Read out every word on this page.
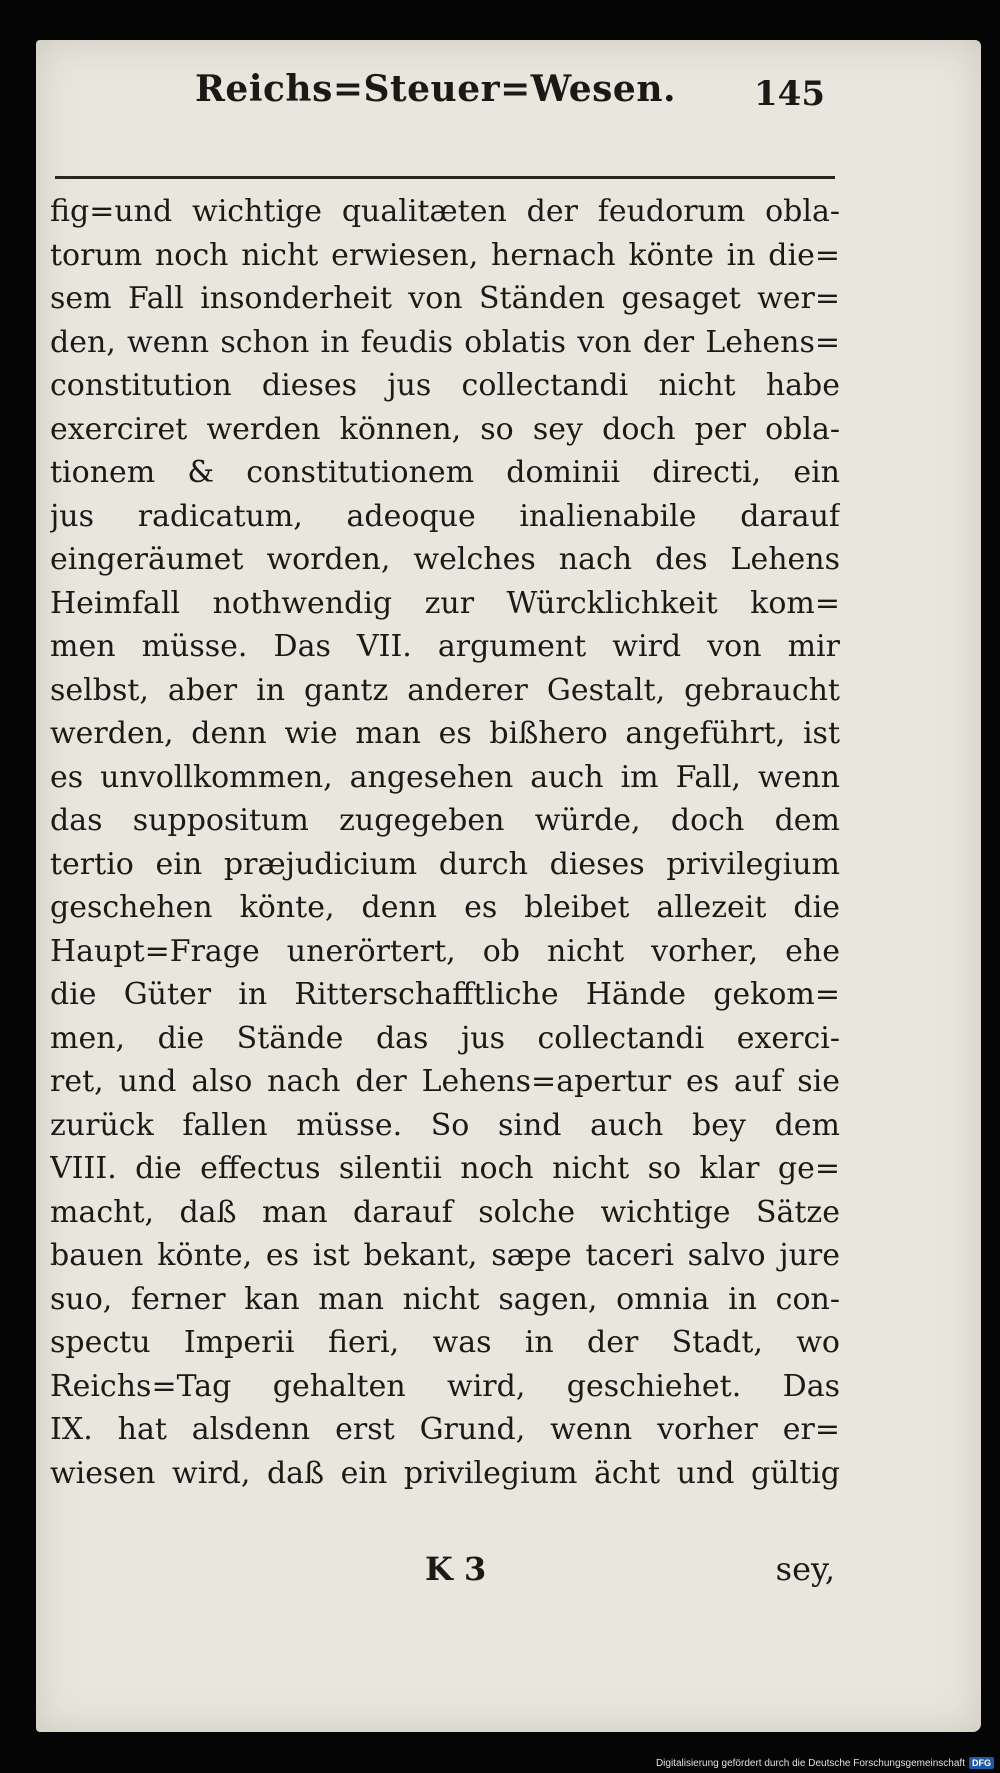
Reichs=Steuer=Wesen. 145
fig=und wichtige qualitæten der feudorum obla-
torum noch nicht erwiesen, hernach könte in die=
sem Fall insonderheit von Ständen gesaget wer=
den, wenn schon in feudis oblatis von der Lehens=
constitution dieses jus collectandi nicht habe
exerciret werden können, so sey doch per obla-
tionem & constitutionem dominii directi, ein
jus radicatum, adeoque inalienabile darauf
eingeräumet worden, welches nach des Lehens
Heimfall nothwendig zur Würcklichkeit kom=
men müsse. Das VII. argument wird von mir
selbst, aber in gantz anderer Gestalt, gebraucht
werden, denn wie man es bißhero angeführt, ist
es unvollkommen, angesehen auch im Fall, wenn
das suppositum zugegeben würde, doch dem
tertio ein præjudicium durch dieses privilegium
geschehen könte, denn es bleibet allezeit die
Haupt=Frage unerörtert, ob nicht vorher, ehe
die Güter in Ritterschafftliche Hände gekom=
men, die Stände das jus collectandi exerci-
ret, und also nach der Lehens=apertur es auf sie
zurück fallen müsse. So sind auch bey dem
VIII. die effectus silentii noch nicht so klar ge=
macht, daß man darauf solche wichtige Sätze
bauen könte, es ist bekant, sæpe taceri salvo jure
suo, ferner kan man nicht sagen, omnia in con-
spectu Imperii fieri, was in der Stadt, wo
Reichs=Tag gehalten wird, geschiehet. Das
IX. hat alsdenn erst Grund, wenn vorher er=
wiesen wird, daß ein privilegium ächt und gültig
K 3	sey,
Digitalisierung gefördert durch die Deutsche Forschungsgemeinschaft DFG
